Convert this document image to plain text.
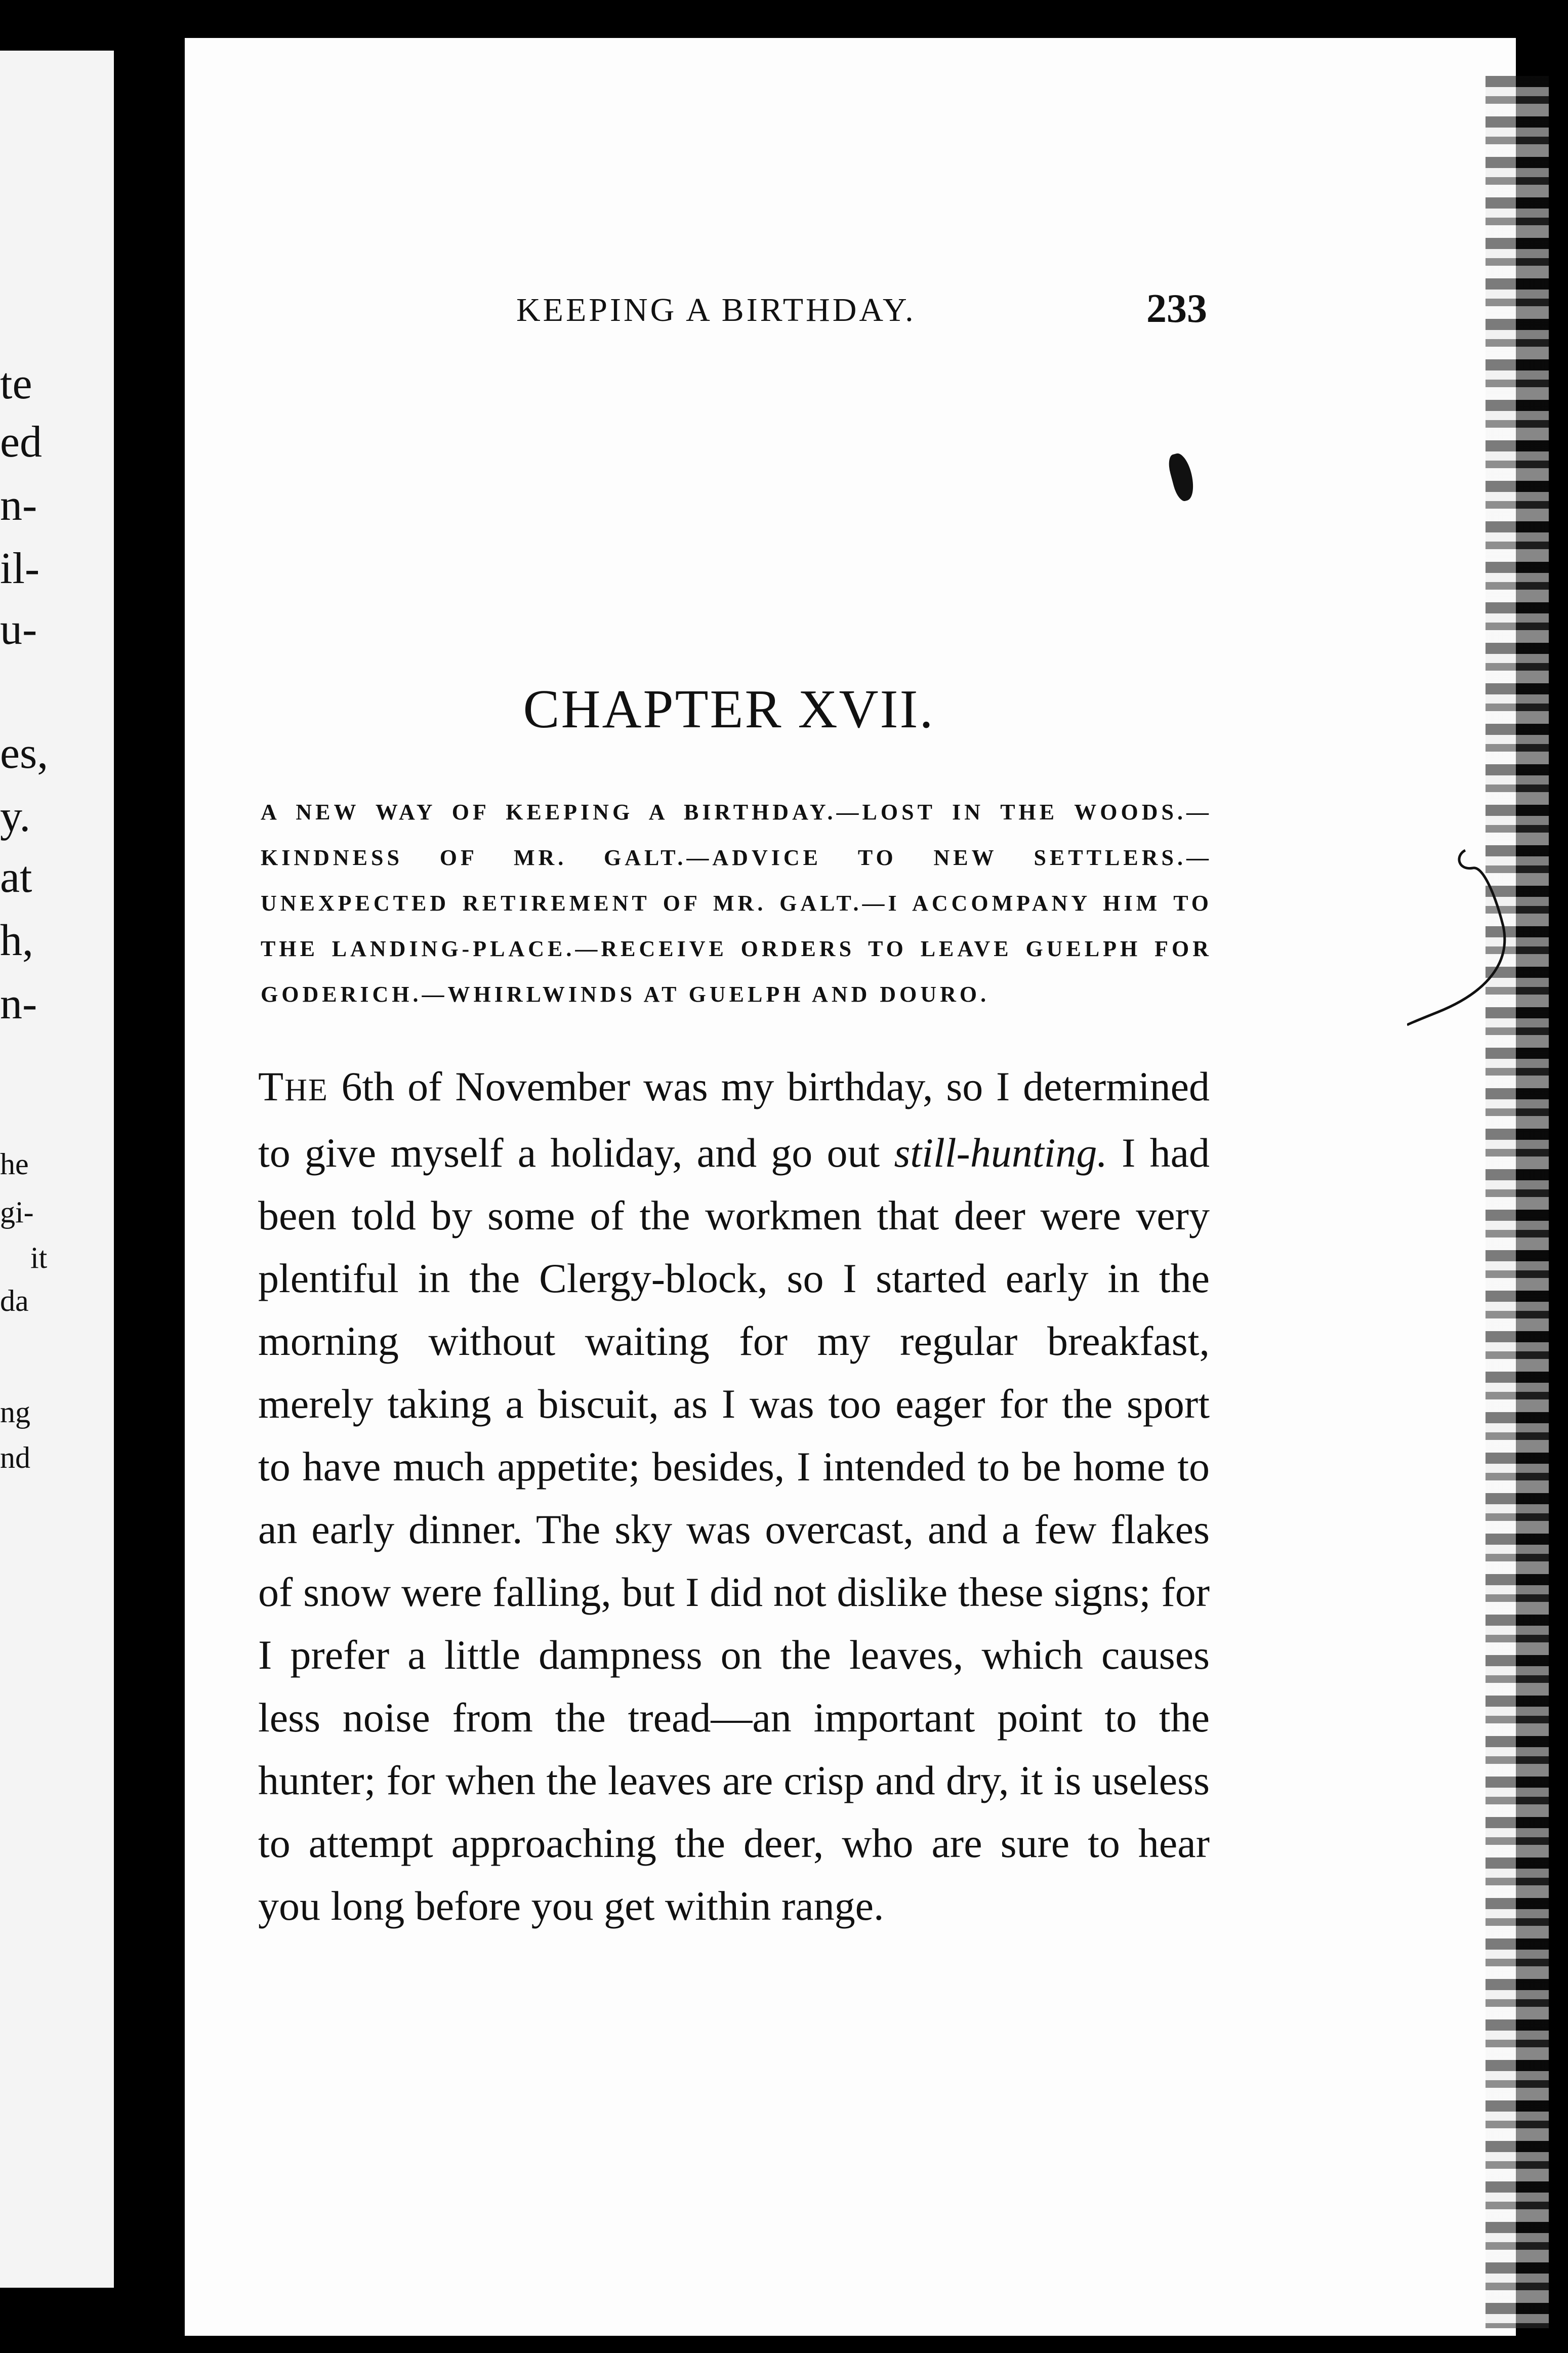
te
ed
n-
il-
u-
es,
y.
at
h,
n-
he
gi-
it
da
ng
nd
KEEPING A BIRTHDAY.	233
CHAPTER XVII.
A NEW WAY OF KEEPING A BIRTHDAY.—LOST IN THE WOODS.—KINDNESS OF MR. GALT.—ADVICE TO NEW SETTLERS.—UNEXPECTED RETIREMENT OF MR. GALT.—I ACCOMPANY HIM TO THE LANDING-PLACE.—RECEIVE ORDERS TO LEAVE GUELPH FOR GODERICH.—WHIRLWINDS AT GUELPH AND DOURO.
THE 6th of November was my birthday, so I determined to give myself a holiday, and go out still-hunting. I had been told by some of the workmen that deer were very plentiful in the Clergy-block, so I started early in the morning without waiting for my regular breakfast, merely taking a biscuit, as I was too eager for the sport to have much appetite; besides, I intended to be home to an early dinner. The sky was overcast, and a few flakes of snow were falling, but I did not dislike these signs; for I prefer a little dampness on the leaves, which causes less noise from the tread—an important point to the hunter; for when the leaves are crisp and dry, it is useless to attempt approaching the deer, who are sure to hear you long before you get within range.
